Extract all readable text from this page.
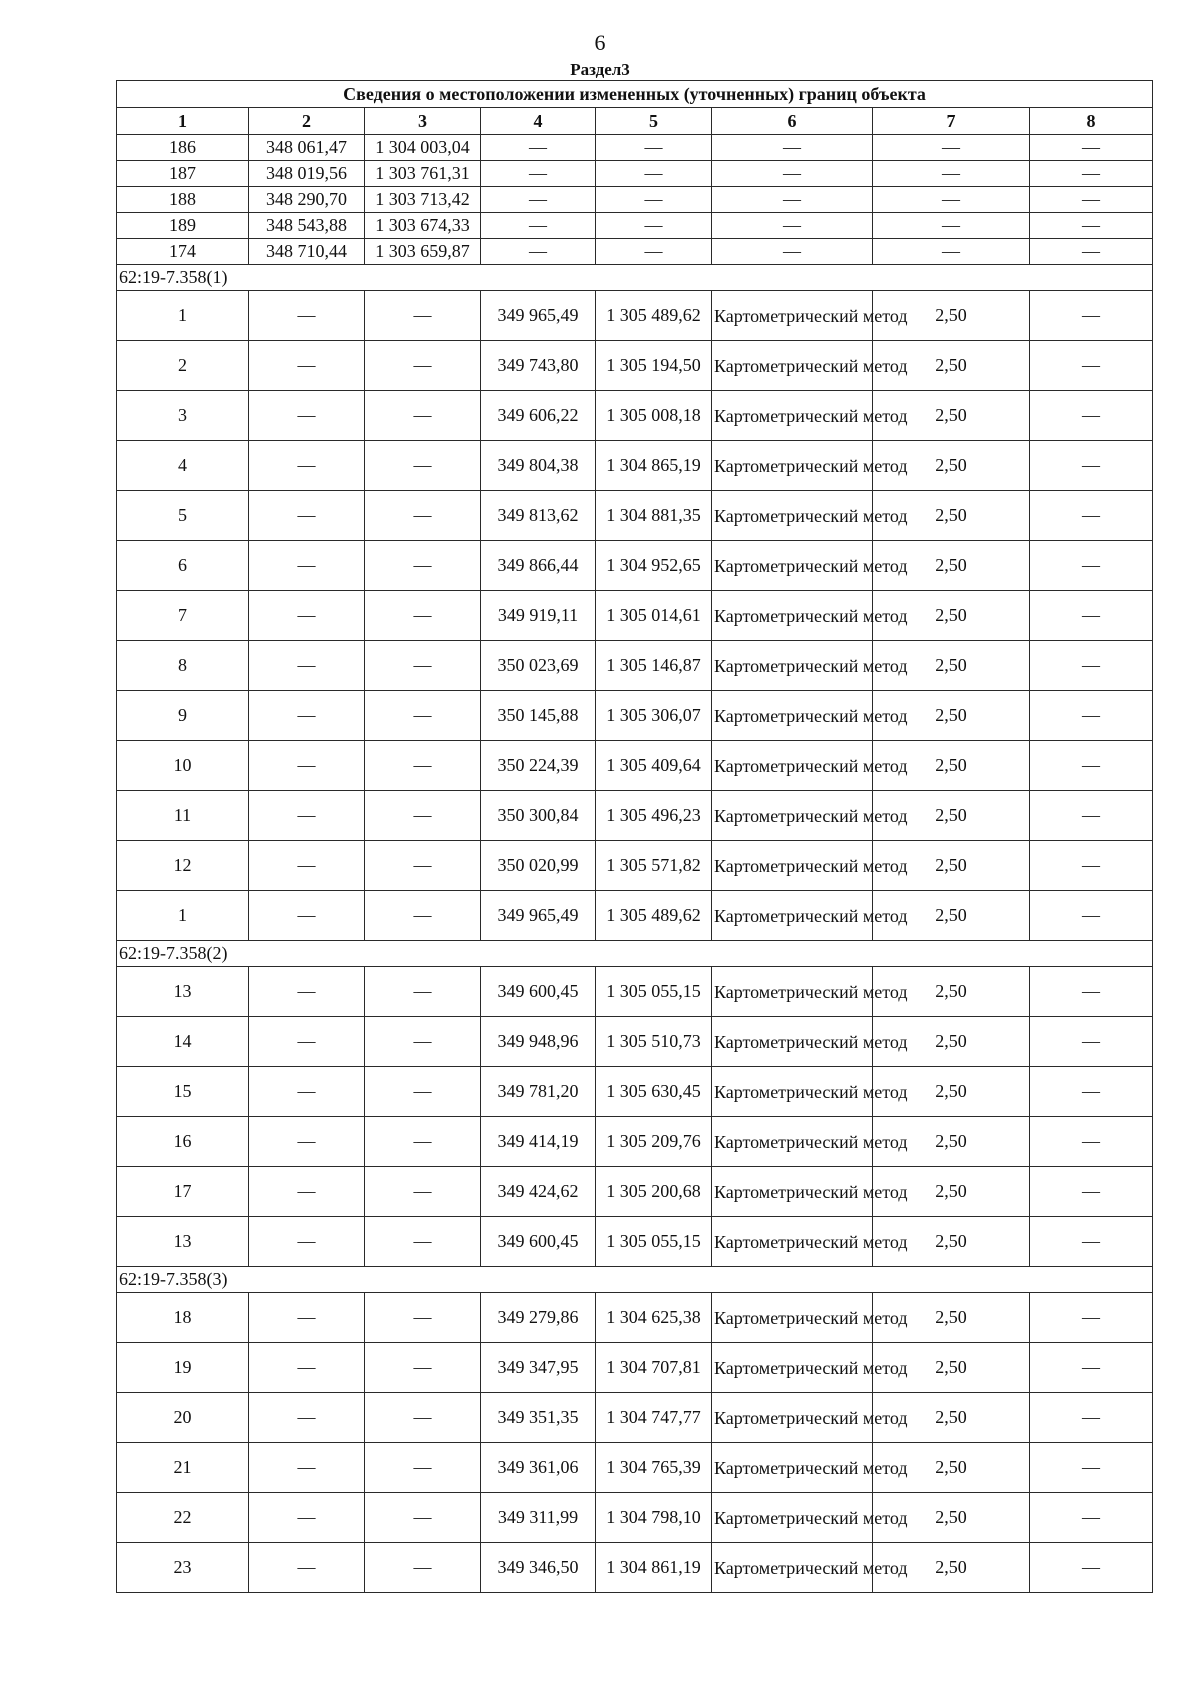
6
Раздел3
Сведения о местоположении измененных (уточненных) границ объекта							
1	2	3	4	5	6	7	8
186	348 061,47	1 304 003,04	—	—	—	—	—
187	348 019,56	1 303 761,31	—	—	—	—	—
188	348 290,70	1 303 713,42	—	—	—	—	—
189	348 543,88	1 303 674,33	—	—	—	—	—
174	348 710,44	1 303 659,87	—	—	—	—	—
62:19-7.358(1)							
1	—	—	349 965,49	1 305 489,62	Картометрический метод	2,50	—
2	—	—	349 743,80	1 305 194,50	Картометрический метод	2,50	—
3	—	—	349 606,22	1 305 008,18	Картометрический метод	2,50	—
4	—	—	349 804,38	1 304 865,19	Картометрический метод	2,50	—
5	—	—	349 813,62	1 304 881,35	Картометрический метод	2,50	—
6	—	—	349 866,44	1 304 952,65	Картометрический метод	2,50	—
7	—	—	349 919,11	1 305 014,61	Картометрический метод	2,50	—
8	—	—	350 023,69	1 305 146,87	Картометрический метод	2,50	—
9	—	—	350 145,88	1 305 306,07	Картометрический метод	2,50	—
10	—	—	350 224,39	1 305 409,64	Картометрический метод	2,50	—
11	—	—	350 300,84	1 305 496,23	Картометрический метод	2,50	—
12	—	—	350 020,99	1 305 571,82	Картометрический метод	2,50	—
1	—	—	349 965,49	1 305 489,62	Картометрический метод	2,50	—
62:19-7.358(2)							
13	—	—	349 600,45	1 305 055,15	Картометрический метод	2,50	—
14	—	—	349 948,96	1 305 510,73	Картометрический метод	2,50	—
15	—	—	349 781,20	1 305 630,45	Картометрический метод	2,50	—
16	—	—	349 414,19	1 305 209,76	Картометрический метод	2,50	—
17	—	—	349 424,62	1 305 200,68	Картометрический метод	2,50	—
13	—	—	349 600,45	1 305 055,15	Картометрический метод	2,50	—
62:19-7.358(3)							
18	—	—	349 279,86	1 304 625,38	Картометрический метод	2,50	—
19	—	—	349 347,95	1 304 707,81	Картометрический метод	2,50	—
20	—	—	349 351,35	1 304 747,77	Картометрический метод	2,50	—
21	—	—	349 361,06	1 304 765,39	Картометрический метод	2,50	—
22	—	—	349 311,99	1 304 798,10	Картометрический метод	2,50	—
23	—	—	349 346,50	1 304 861,19	Картометрический метод	2,50	—
